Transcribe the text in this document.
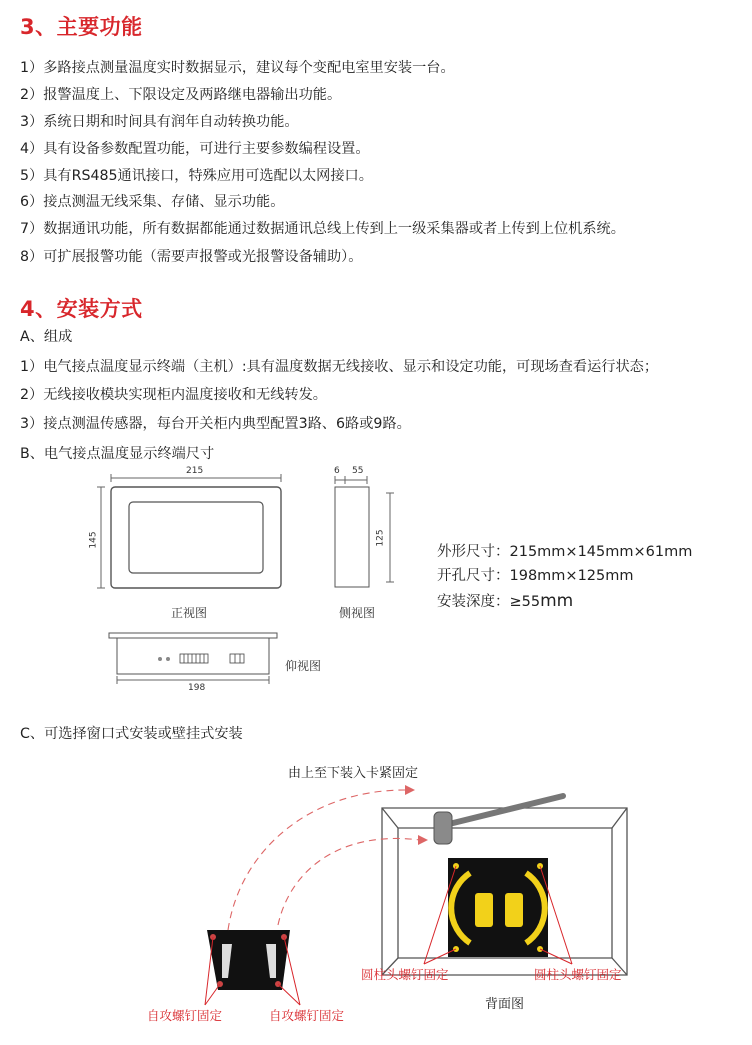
3、主要功能
1）多路接点测量温度实时数据显示，建议每个变配电室里安装一台。
2）报警温度上、下限设定及两路继电器输出功能。
3）系统日期和时间具有润年自动转换功能。
4）具有设备参数配置功能，可进行主要参数编程设置。
5）具有RS485通讯接口，特殊应用可选配以太网接口。
6）接点测温无线采集、存储、显示功能。
7）数据通讯功能，所有数据都能通过数据通讯总线上传到上一级采集器或者上传到上位机系统。
8）可扩展报警功能（需要声报警或光报警设备辅助）。
4、安装方式
A、组成
1）电气接点温度显示终端（主机）:具有温度数据无线接收、显示和设定功能，可现场查看运行状态；
2）无线接收模块实现柜内温度接收和无线转发。
3）接点测温传感器，每台开关柜内典型配置3路、6路或9路。
B、电气接点温度显示终端尺寸
215
145
6 55
125
198
正视图	侧视图
仰视图
外形尺寸：215mm×145mm×61mm
开孔尺寸：198mm×125mm
安装深度：≥55mm
C、可选择窗口式安装或壁挂式安装
由上至下装入卡紧固定
自攻螺钉固定	自攻螺钉固定
圆柱头螺钉固定	圆柱头螺钉固定
背面图
